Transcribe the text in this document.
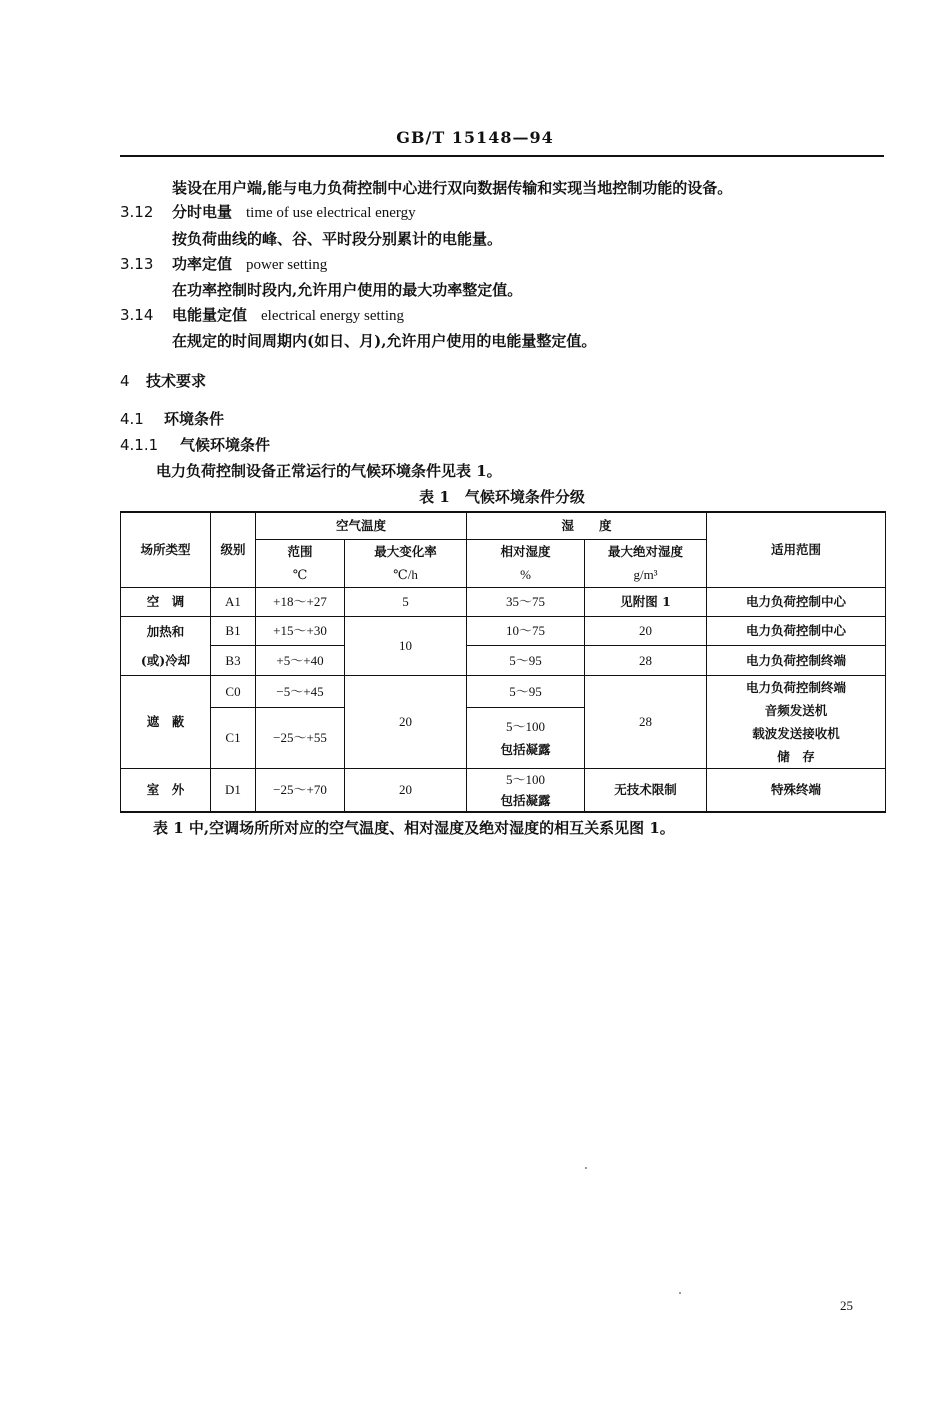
GB/T 15148—94
装设在用户端,能与电力负荷控制中心进行双向数据传输和实现当地控制功能的设备。
3.12 分时电量 time of use electrical energy
按负荷曲线的峰、谷、平时段分别累计的电能量。
3.13 功率定值 power setting
在功率控制时段内,允许用户使用的最大功率整定值。
3.14 电能量定值 electrical energy setting
在规定的时间周期内(如日、月),允许用户使用的电能量整定值。
4 技术要求
4.1 环境条件
4.1.1 气候环境条件
电力负荷控制设备正常运行的气候环境条件见表 1。
表 1　气候环境条件分级
场所类型	级别	空气温度		湿　　度		适用范围
		范围	最大变化率	相对湿度	最大绝对湿度	
		℃	℃/h	%	g/m³	
空　调	A1	+18～+27	5	35～75	见附图 1	电力负荷控制中心

加热和
(或)冷却	B1	+15～+30	10	10～75	20	电力负荷控制中心
	B3	+5～+40		5～95	28	电力负荷控制终端
遮　蔽	C0	−5～+45	20	5～95	28	电力负荷控制终端
音频发送机
载波发送接收机
储　存

	C1	−25～+55		5～100
包括凝露		

室　外	D1	−25～+70	20	5～100
包括凝露	无技术限制	特殊终端
表 1 中,空调场所所对应的空气温度、相对湿度及绝对湿度的相互关系见图 1。
25
